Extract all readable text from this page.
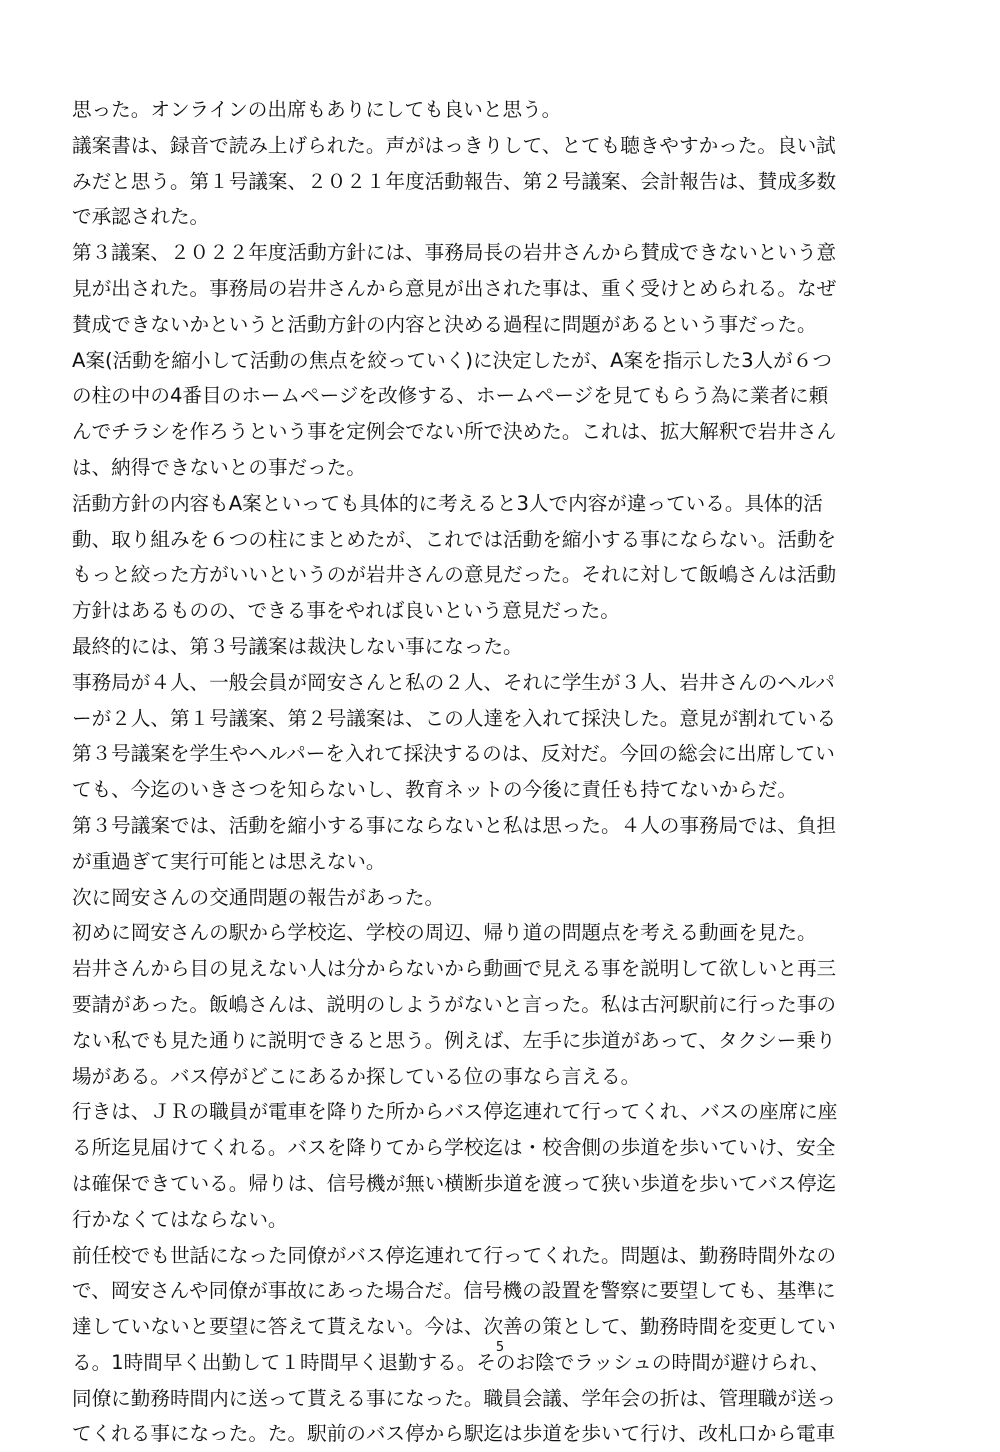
思った。オンラインの出席もありにしても良いと思う。
議案書は、録音で読み上げられた。声がはっきりして、とても聴きやすかった。良い試
みだと思う。第１号議案、２０２１年度活動報告、第２号議案、会計報告は、賛成多数
で承認された。
第３議案、２０２２年度活動方針には、事務局長の岩井さんから賛成できないという意
見が出された。事務局の岩井さんから意見が出された事は、重く受けとめられる。なぜ
賛成できないかというと活動方針の内容と決める過程に問題があるという事だった。
A案(活動を縮小して活動の焦点を絞っていく)に決定したが、A案を指示した3人が６つ
の柱の中の4番目のホームページを改修する、ホームページを見てもらう為に業者に頼
んでチラシを作ろうという事を定例会でない所で決めた。これは、拡大解釈で岩井さん
は、納得できないとの事だった。
活動方針の内容もA案といっても具体的に考えると3人で内容が違っている。具体的活
動、取り組みを６つの柱にまとめたが、これでは活動を縮小する事にならない。活動を
もっと絞った方がいいというのが岩井さんの意見だった。それに対して飯嶋さんは活動
方針はあるものの、できる事をやれば良いという意見だった。
最終的には、第３号議案は裁決しない事になった。
事務局が４人、一般会員が岡安さんと私の２人、それに学生が３人、岩井さんのヘルパ
ーが２人、第１号議案、第２号議案は、この人達を入れて採決した。意見が割れている
第３号議案を学生やヘルパーを入れて採決するのは、反対だ。今回の総会に出席してい
ても、今迄のいきさつを知らないし、教育ネットの今後に責任も持てないからだ。
第３号議案では、活動を縮小する事にならないと私は思った。４人の事務局では、負担
が重過ぎて実行可能とは思えない。
次に岡安さんの交通問題の報告があった。
初めに岡安さんの駅から学校迄、学校の周辺、帰り道の問題点を考える動画を見た。
岩井さんから目の見えない人は分からないから動画で見える事を説明して欲しいと再三
要請があった。飯嶋さんは、説明のしようがないと言った。私は古河駅前に行った事の
ない私でも見た通りに説明できると思う。例えば、左手に歩道があって、タクシー乗り
場がある。バス停がどこにあるか探している位の事なら言える。
行きは、ＪＲの職員が電車を降りた所からバス停迄連れて行ってくれ、バスの座席に座
る所迄見届けてくれる。バスを降りてから学校迄は・校舎側の歩道を歩いていけ、安全
は確保できている。帰りは、信号機が無い横断歩道を渡って狭い歩道を歩いてバス停迄
行かなくてはならない。
前任校でも世話になった同僚がバス停迄連れて行ってくれた。問題は、勤務時間外なの
で、岡安さんや同僚が事故にあった場合だ。信号機の設置を警察に要望しても、基準に
達していないと要望に答えて貰えない。今は、次善の策として、勤務時間を変更してい
る。1時間早く出勤して１時間早く退勤する。そのお陰でラッシュの時間が避けられ、
同僚に勤務時間内に送って貰える事になった。職員会議、学年会の折は、管理職が送っ
てくれる事になった。た。駅前のバス停から駅迄は歩道を歩いて行け、改札口から電車
5
